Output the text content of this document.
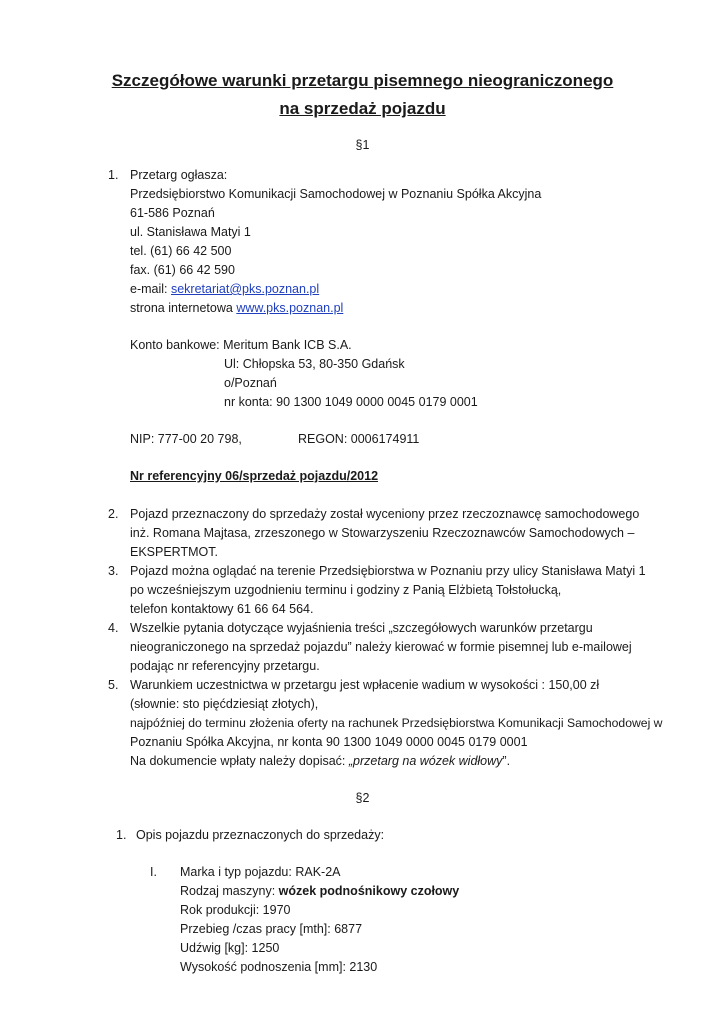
Szczegółowe warunki przetargu pisemnego nieograniczonego
na sprzedaż pojazdu
§1
1. Przetarg ogłasza:
Przedsiębiorstwo Komunikacji Samochodowej w Poznaniu Spółka Akcyjna
61-586 Poznań
ul. Stanisława Matyi 1
tel. (61) 66 42 500
fax. (61) 66 42 590
e-mail: sekretariat@pks.poznan.pl
strona internetowa www.pks.poznan.pl
Konto bankowe: Meritum Bank ICB S.A.
Ul: Chłopska 53, 80-350 Gdańsk
o/Poznań
nr konta: 90 1300 1049 0000 0045 0179 0001
NIP: 777-00 20 798,	REGON: 0006174911
Nr referencyjny 06/sprzedaż pojazdu/2012
2. Pojazd przeznaczony do sprzedaży został wyceniony przez rzeczoznawcę samochodowego
inż. Romana Majtasa, zrzeszonego w Stowarzyszeniu Rzeczoznawców Samochodowych –
EKSPERTMOT.
3. Pojazd można oglądać na terenie Przedsiębiorstwa w Poznaniu przy ulicy Stanisława Matyi 1
po wcześniejszym uzgodnieniu terminu i godziny z Panią Elżbietą Tołstołucką,
telefon kontaktowy 61 66 64 564.
4. Wszelkie pytania dotyczące wyjaśnienia treści „szczegółowych warunków przetargu
nieograniczonego na sprzedaż pojazdu” należy kierować w formie pisemnej lub e-mailowej
podając nr referencyjny przetargu.
5. Warunkiem uczestnictwa w przetargu jest wpłacenie wadium w wysokości : 150,00 zł
(słownie: sto pięćdziesiąt złotych),
najpóźniej do terminu złożenia oferty na rachunek Przedsiębiorstwa Komunikacji Samochodowej w
Poznaniu Spółka Akcyjna, nr konta 90 1300 1049 0000 0045 0179 0001
Na dokumencie wpłaty należy dopisać: „przetarg na wózek widłowy”.
§2
1. Opis pojazdu przeznaczonych do sprzedaży:
I. Marka i typ pojazdu: RAK-2A
Rodzaj maszyny: wózek podnośnikowy czołowy
Rok produkcji: 1970
Przebieg /czas pracy [mth]: 6877
Udźwig [kg]: 1250
Wysokość podnoszenia [mm]: 2130
